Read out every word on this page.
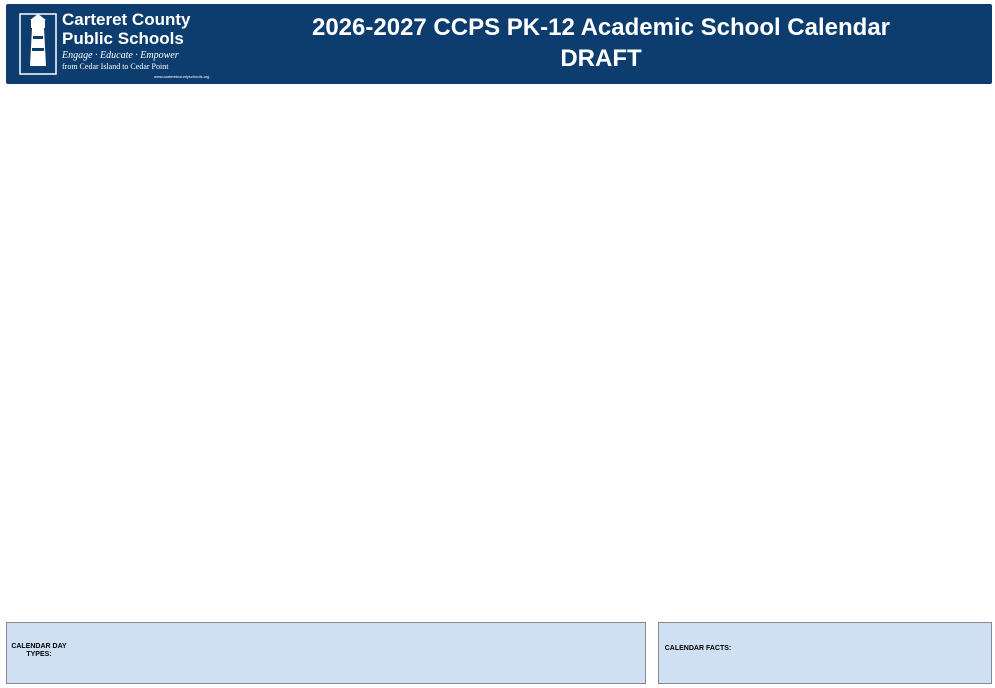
Carteret County
Public Schools
Engage · Educate · Empower
from Cedar Island to Cedar Point
www.carteretcountyschools.org
2026-2027 CCPS PK-12 Academic School Calendar
DRAFT
CALENDAR DAY TYPES:
CALENDAR FACTS:
